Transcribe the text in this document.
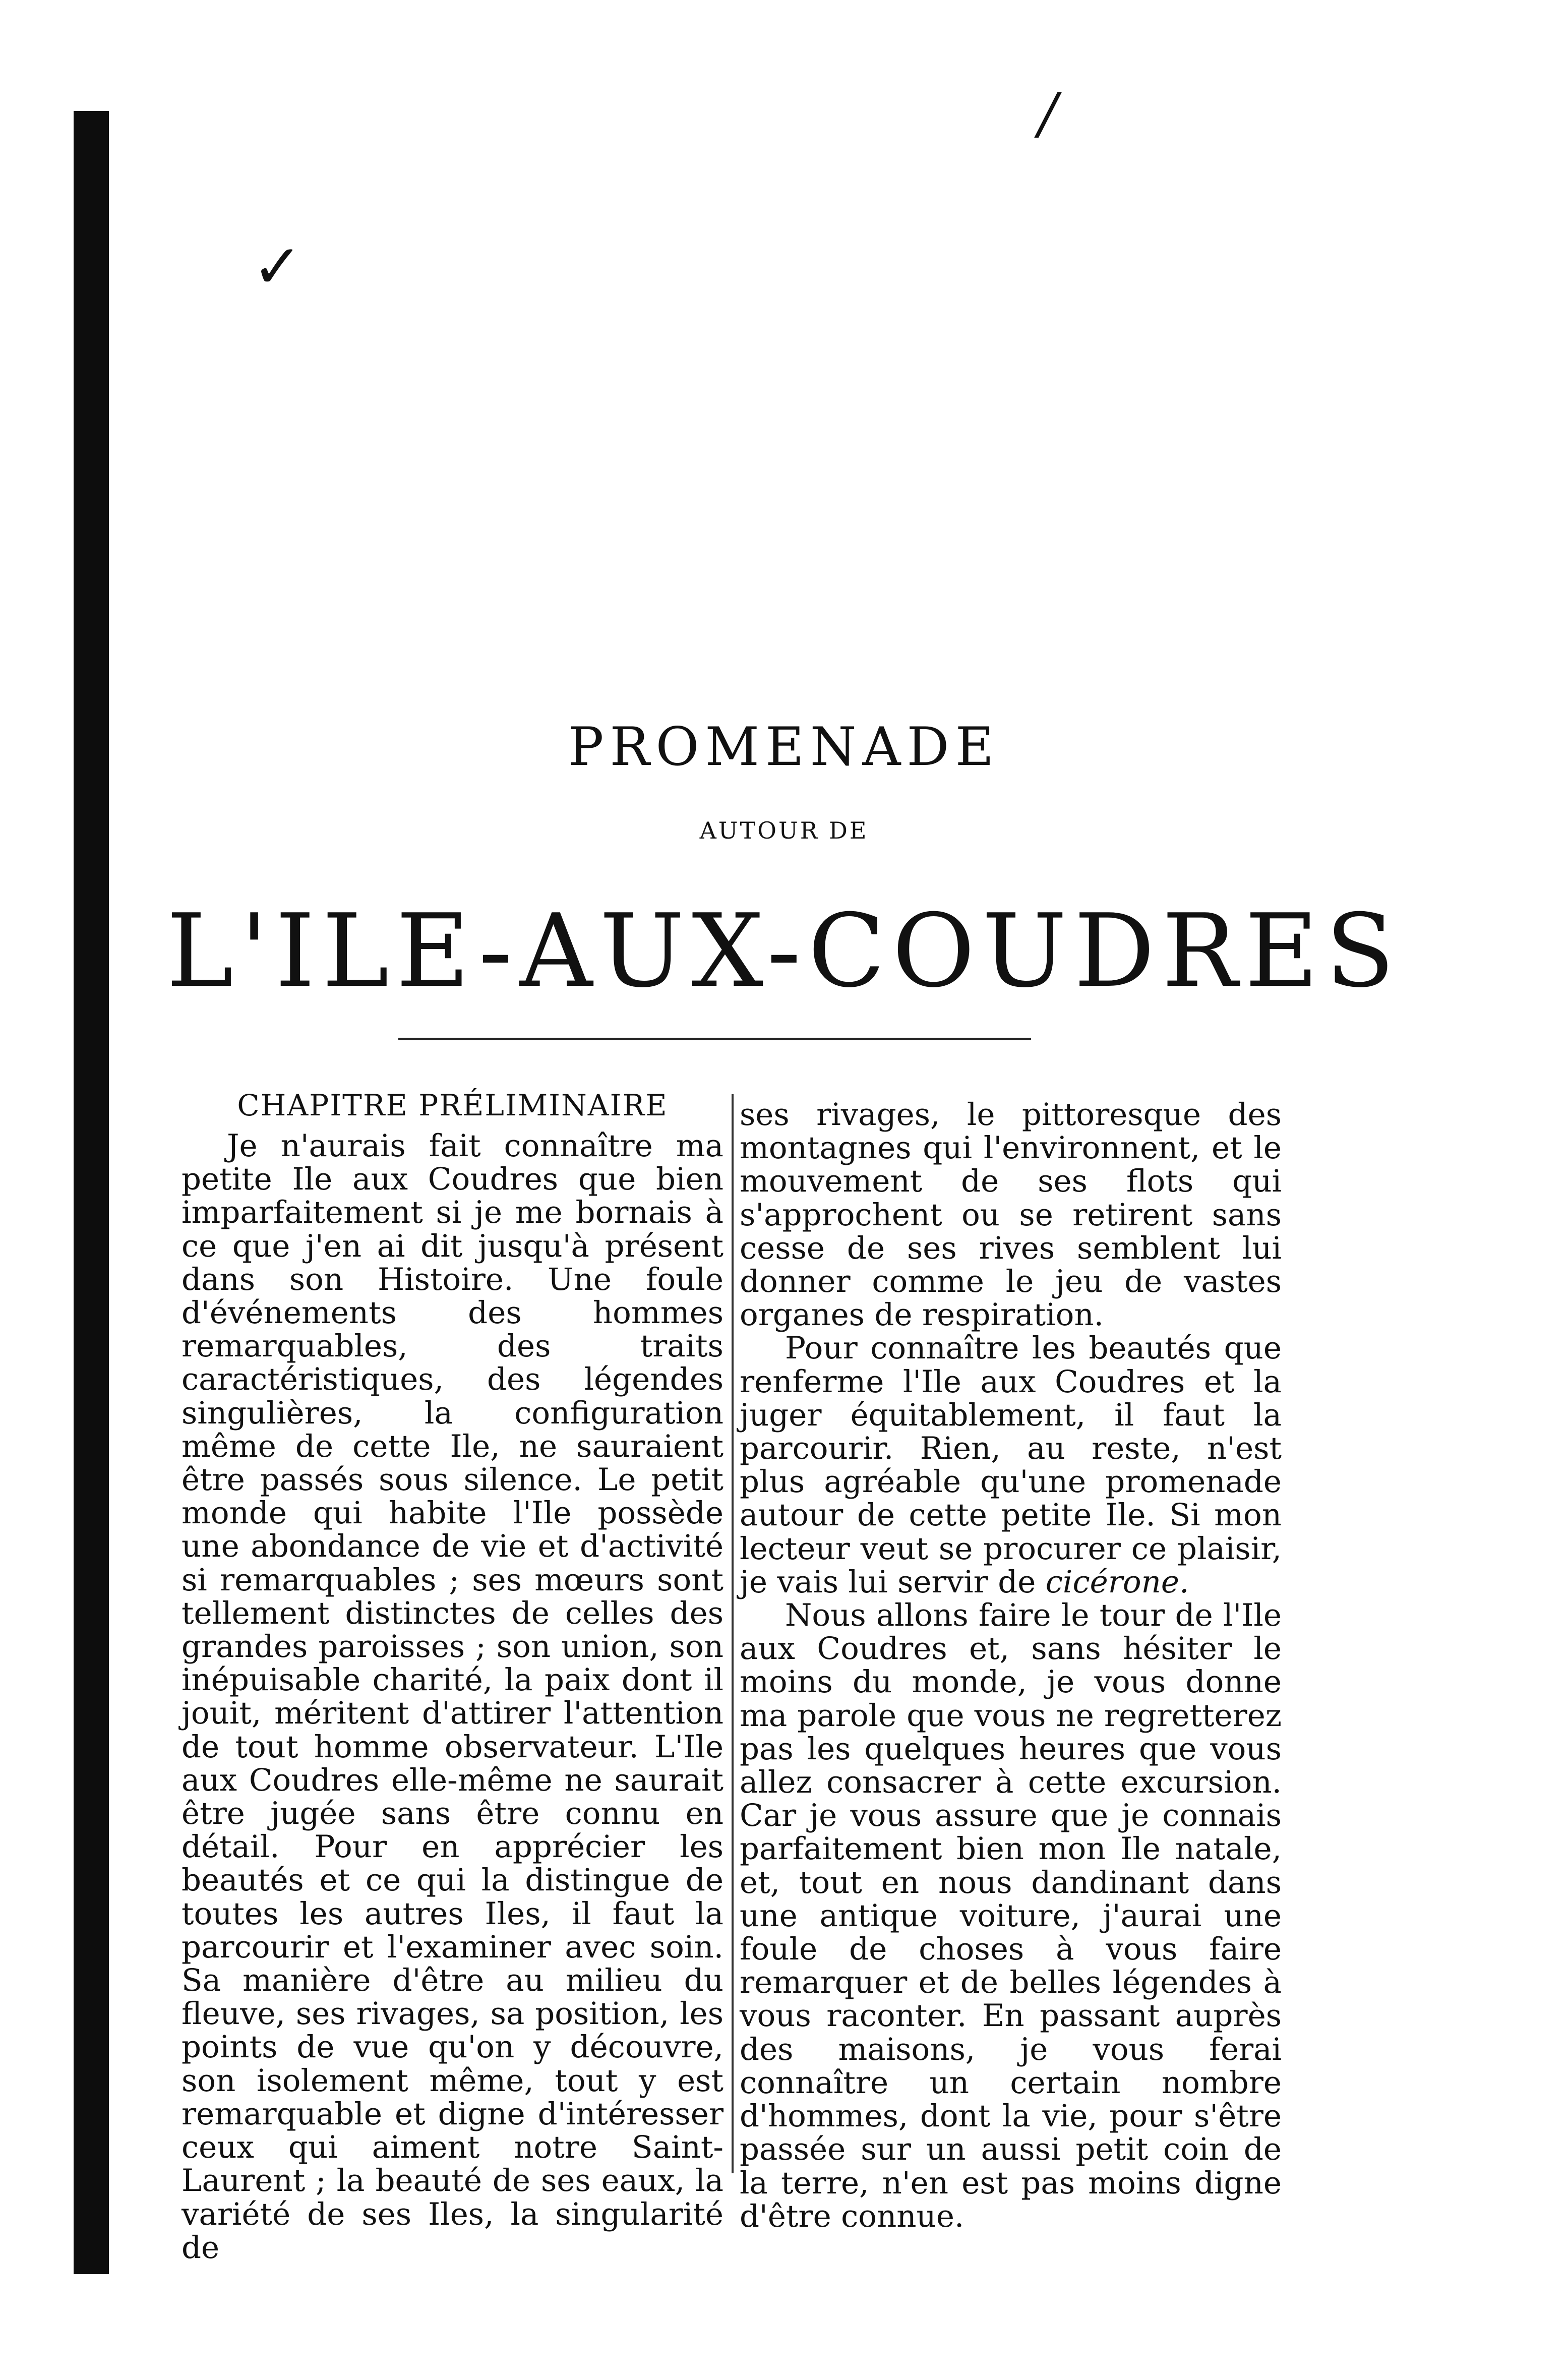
/
✓
PROMENADE
AUTOUR DE
L'ILE-AUX-COUDRES
CHAPITRE PRÉLIMINAIRE

Je n'aurais fait connaître ma petite Ile aux Coudres que bien imparfaitement si je me bornais à ce que j'en ai dit jusqu'à présent dans son Histoire. Une foule d'événements des hommes remarquables, des traits caractéristiques, des légendes singulières, la configuration même de cette Ile, ne sauraient être passés sous silence. Le petit monde qui habite l'Ile possède une abondance de vie et d'activité si remarquables ; ses mœurs sont tellement distinctes de celles des grandes paroisses ; son union, son inépuisable charité, la paix dont il jouit, méritent d'attirer l'attention de tout homme observateur. L'Ile aux Coudres elle-même ne saurait être jugée sans être connu en détail. Pour en apprécier les beautés et ce qui la distingue de toutes les autres Iles, il faut la parcourir et l'examiner avec soin. Sa manière d'être au milieu du fleuve, ses rivages, sa position, les points de vue qu'on y découvre, son isolement même, tout y est remarquable et digne d'intéresser ceux qui aiment notre Saint-Laurent ; la beauté de ses eaux, la variété de ses Iles, la singularité de

ses rivages, le pittoresque des montagnes qui l'environnent, et le mouvement de ses flots qui s'approchent ou se retirent sans cesse de ses rives semblent lui donner comme le jeu de vastes organes de respiration.

Pour connaître les beautés que renferme l'Ile aux Coudres et la juger équitablement, il faut la parcourir. Rien, au reste, n'est plus agréable qu'une promenade autour de cette petite Ile. Si mon lecteur veut se procurer ce plaisir, je vais lui servir de cicérone.

Nous allons faire le tour de l'Ile aux Coudres et, sans hésiter le moins du monde, je vous donne ma parole que vous ne regretterez pas les quelques heures que vous allez consacrer à cette excursion. Car je vous assure que je connais parfaitement bien mon Ile natale, et, tout en nous dandinant dans une antique voiture, j'aurai une foule de choses à vous faire remarquer et de belles légendes à vous raconter. En passant auprès des maisons, je vous ferai connaître un certain nombre d'hommes, dont la vie, pour s'être passée sur un aussi petit coin de la terre, n'en est pas moins digne d'être connue.
